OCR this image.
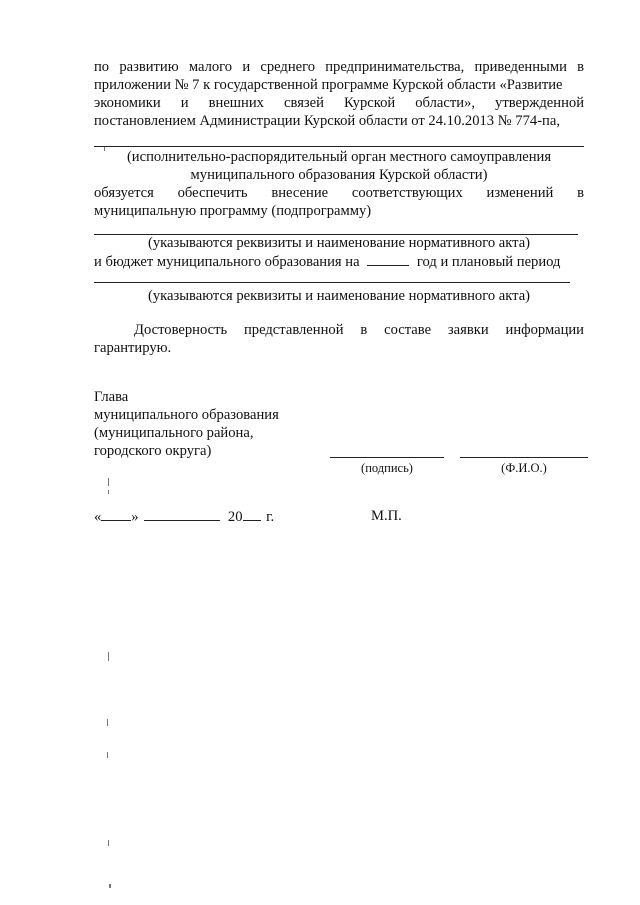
по развитию малого и среднего предпринимательства, приведенными в
приложении № 7 к государственной программе Курской области «Развитие
экономики и внешних связей Курской области», утвержденной
постановлением Администрации Курской области от 24.10.2013 № 774-па,
(исполнительно-распорядительный орган местного самоуправления
муниципального образования Курской области)
обязуется обеспечить внесение соответствующих изменений в
муниципальную программу (подпрограмму)
(указываются реквизиты и наименование нормативного акта)
и бюджет муниципального образования на	год и плановый период
(указываются реквизиты и наименование нормативного акта)
Достоверность представленной в составе заявки информации
гарантирую.
Глава
муниципального образования
(муниципального района,
городского округа)
(подпись)	(Ф.И.О.)
« »	20 г.	М.П.
